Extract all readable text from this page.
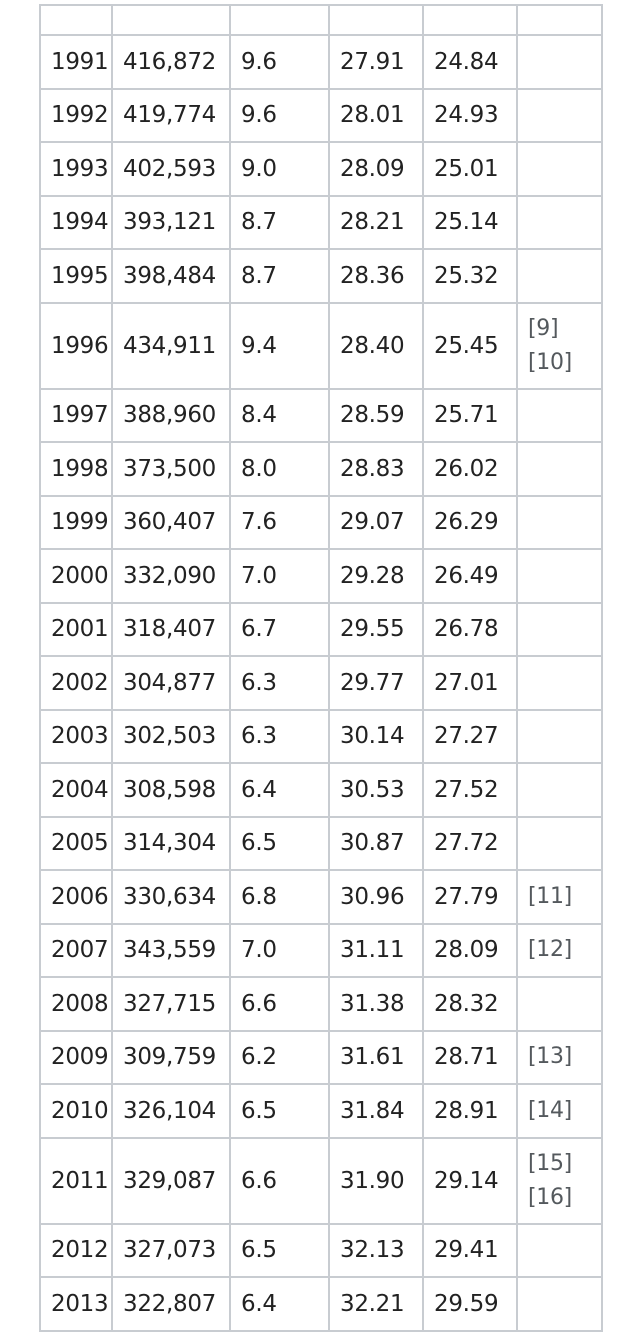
1991	416,872	9.6	27.91	24.84	
1992	419,774	9.6	28.01	24.93	
1993	402,593	9.0	28.09	25.01	
1994	393,121	8.7	28.21	25.14	
1995	398,484	8.7	28.36	25.32	
1996	434,911	9.4	28.40	25.45	[9]
[10]

1997	388,960	8.4	28.59	25.71	
1998	373,500	8.0	28.83	26.02	
1999	360,407	7.6	29.07	26.29	
2000	332,090	7.0	29.28	26.49	
2001	318,407	6.7	29.55	26.78	
2002	304,877	6.3	29.77	27.01	
2003	302,503	6.3	30.14	27.27	
2004	308,598	6.4	30.53	27.52	
2005	314,304	6.5	30.87	27.72	
2006	330,634	6.8	30.96	27.79	[11]

2007	343,559	7.0	31.11	28.09	[12]

2008	327,715	6.6	31.38	28.32	
2009	309,759	6.2	31.61	28.71	[13]

2010	326,104	6.5	31.84	28.91	[14]

2011	329,087	6.6	31.90	29.14	[15]
[16]

2012	327,073	6.5	32.13	29.41	
2013	322,807	6.4	32.21	29.59	
